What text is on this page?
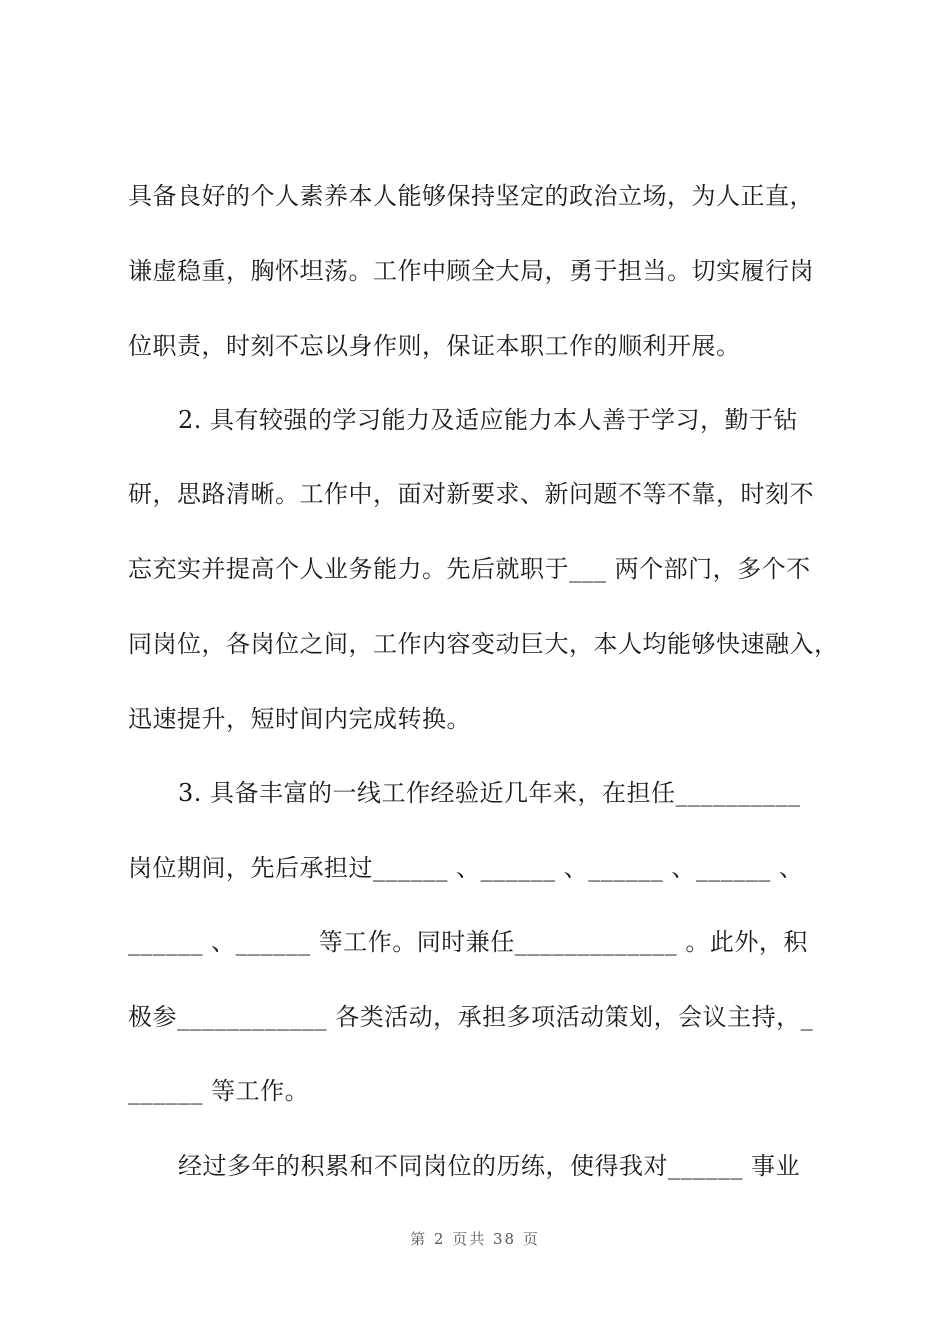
具备良好的个人素养本人能够保持坚定的政治立场，为人正直，
谦虚稳重，胸怀坦荡。工作中顾全大局，勇于担当。切实履行岗
位职责，时刻不忘以身作则，保证本职工作的顺利开展。
2. 具有较强的学习能力及适应能力本人善于学习，勤于钻
研，思路清晰。工作中，面对新要求、新问题不等不靠，时刻不
忘充实并提高个人业务能力。先后就职于___ 两个部门，多个不
同岗位，各岗位之间，工作内容变动巨大，本人均能够快速融入，
迅速提升，短时间内完成转换。
3. 具备丰富的一线工作经验近几年来，在担任__________
岗位期间，先后承担过______ 、______ 、______ 、______ 、
______ 、______ 等工作。同时兼任_____________ 。此外，积
极参____________ 各类活动，承担多项活动策划，会议主持，_
______ 等工作。
经过多年的积累和不同岗位的历练，使得我对______ 事业
第 2 页共 38 页
